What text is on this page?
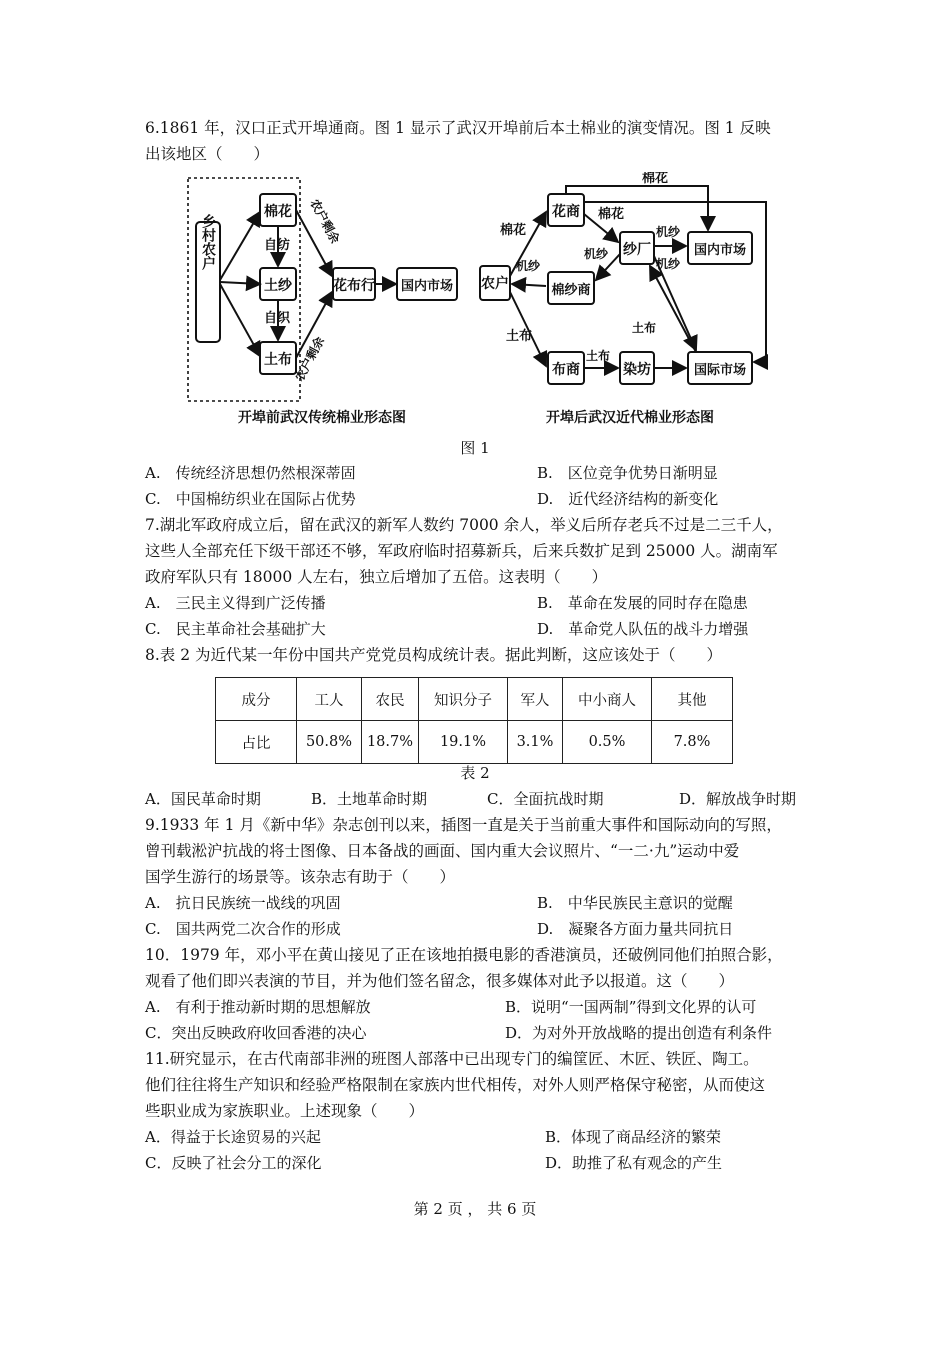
6.1861 年，汉口正式开埠通商。图 1 显示了武汉开埠前后本土棉业的演变情况。图 1 反映
出该地区（　　）
乡村农户
棉花
土纱
土布
自纺
自织
农户剩余
农户剩余
花布行 国内市场
开埠前武汉传统棉业形态图
农户
花商
棉纱商
布商
纱厂
染坊
国内市场
国际市场
棉花
棉花
棉花
机纱
机纱
机纱
机纱
土布
土布
土布
开埠后武汉近代棉业形态图
图 1
A.　传统经济思想仍然根深蒂固	B.　区位竞争优势日渐明显
C.　中国棉纺织业在国际占优势	D.　近代经济结构的新变化
7.湖北军政府成立后，留在武汉的新军人数约 7000 余人，举义后所存老兵不过是二三千人，
这些人全部充任下级干部还不够，军政府临时招募新兵，后来兵数扩足到 25000 人。湖南军
政府军队只有 18000 人左右，独立后增加了五倍。这表明（　　）
A.　三民主义得到广泛传播	B.　革命在发展的同时存在隐患
C.　民主革命社会基础扩大	D.　革命党人队伍的战斗力增强
8.表 2 为近代某一年份中国共产党党员构成统计表。据此判断，这应该处于（　　）
成分	工人	农民	知识分子	军人	中小商人	其他
占比	50.8%	18.7%	19.1%	3.1%	0.5%	7.8%
表 2
A．国民革命时期	B．土地革命时期	C．全面抗战时期	D．解放战争时期
9.1933 年 1 月《新中华》杂志创刊以来，插图一直是关于当前重大事件和国际动向的写照，
曾刊载淞沪抗战的将士图像、日本备战的画面、国内重大会议照片、“一二·九”运动中爱
国学生游行的场景等。该杂志有助于（　　）
A.　抗日民族统一战线的巩固	B.　中华民族民主意识的觉醒
C.　国共两党二次合作的形成	D.　凝聚各方面力量共同抗日
10．1979 年，邓小平在黄山接见了正在该地拍摄电影的香港演员，还破例同他们拍照合影，
观看了他们即兴表演的节目，并为他们签名留念，很多媒体对此予以报道。这（　　）
A.　有利于推动新时期的思想解放	B．说明“一国两制”得到文化界的认可
C．突出反映政府收回香港的决心	D．为对外开放战略的提出创造有利条件
11.研究显示，在古代南部非洲的班图人部落中已出现专门的编筐匠、木匠、铁匠、陶工。
他们往往将生产知识和经验严格限制在家族内世代相传，对外人则严格保守秘密，从而使这
些职业成为家族职业。上述现象（　　）
A．得益于长途贸易的兴起	B．体现了商品经济的繁荣
C．反映了社会分工的深化	D．助推了私有观念的产生
第 2 页 ， 共 6 页
